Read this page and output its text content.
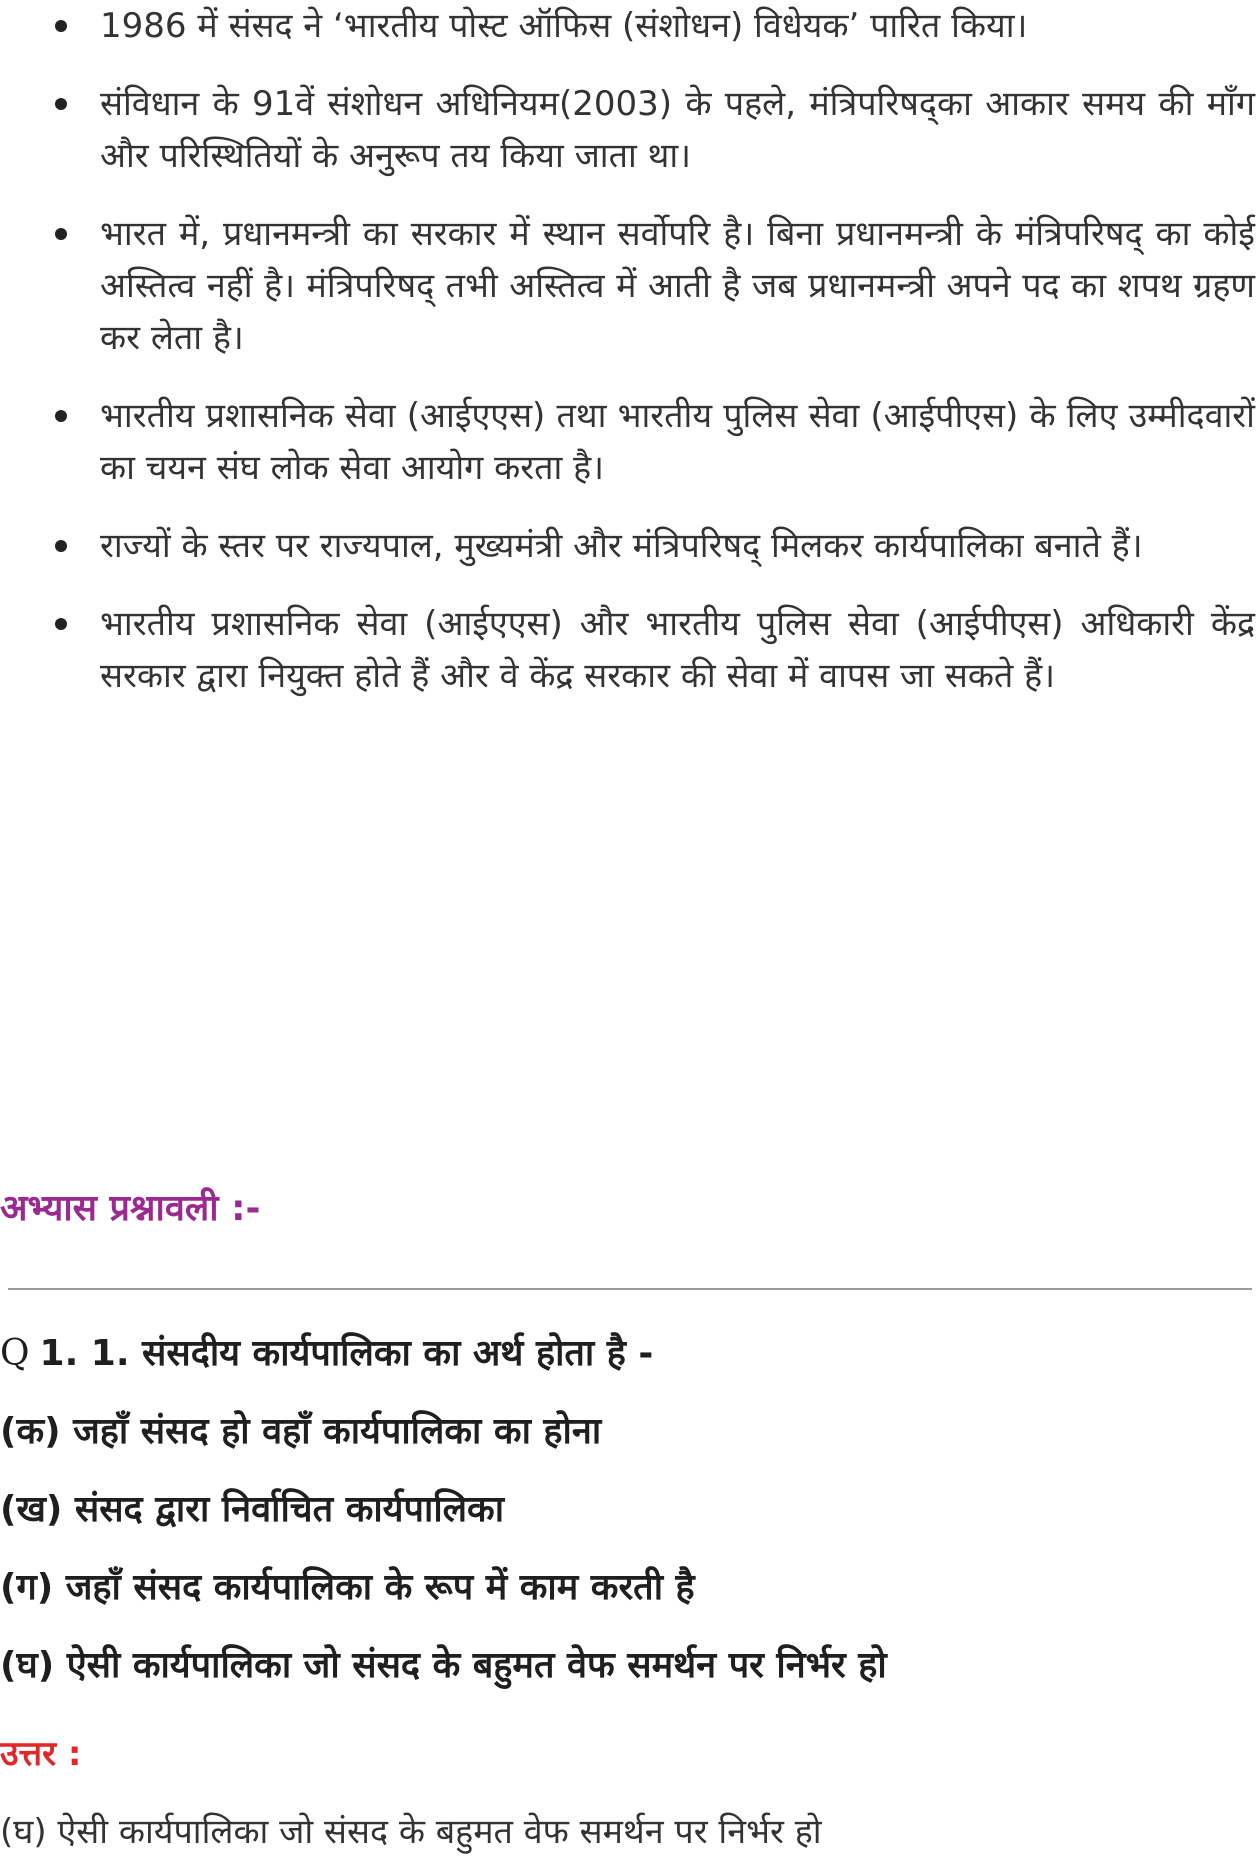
1986 में संसद ने ‘भारतीय पोस्ट ऑफिस (संशोधन) विधेयक’ पारित किया।
संविधान के 91वें संशोधन अधिनियम(2003) के पहले, मंत्रिपरिषद्का आकार समय की माँग और परिस्थितियों के अनुरूप तय किया जाता था।
भारत में, प्रधानमन्त्री का सरकार में स्थान सर्वोपरि है। बिना प्रधानमन्त्री के मंत्रिपरिषद् का कोई अस्तित्व नहीं है। मंत्रिपरिषद् तभी अस्तित्व में आती है जब प्रधानमन्त्री अपने पद का शपथ ग्रहण कर लेता है।
भारतीय प्रशासनिक सेवा (आईएएस) तथा भारतीय पुलिस सेवा (आईपीएस) के लिए उम्मीदवारों का चयन संघ लोक सेवा आयोग करता है।
राज्यों के स्तर पर राज्यपाल, मुख्यमंत्री और मंत्रिपरिषद् मिलकर कार्यपालिका बनाते हैं।
भारतीय प्रशासनिक सेवा (आईएएस) और भारतीय पुलिस सेवा (आईपीएस) अधिकारी केंद्र सरकार द्वारा नियुक्त होते हैं और वे केंद्र सरकार की सेवा में वापस जा सकते हैं।
अभ्यास प्रश्नावली :-

Q 1. 1. संसदीय कार्यपालिका का अर्थ होता है -

(क) जहाँ संसद हो वहाँ कार्यपालिका का होना

(ख) संसद द्वारा निर्वाचित कार्यपालिका

(ग) जहाँ संसद कार्यपालिका के रूप में काम करती है

(घ) ऐसी कार्यपालिका जो संसद के बहुमत वेफ समर्थन पर निर्भर हो

उत्तर :

(घ) ऐसी कार्यपालिका जो संसद के बहुमत वेफ समर्थन पर निर्भर हो
